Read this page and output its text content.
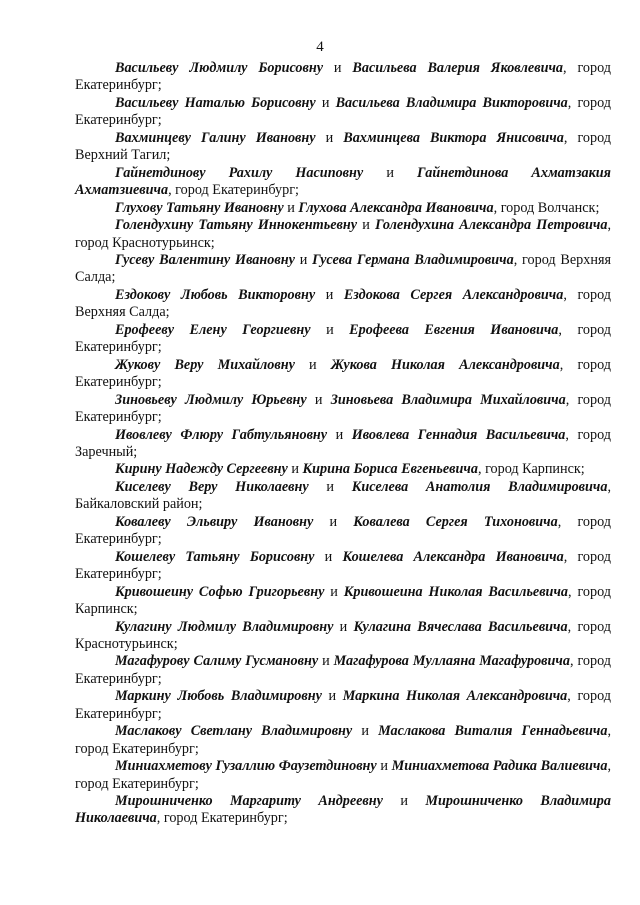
4

Васильеву Людмилу Борисовну и Васильева Валерия Яковлевича, город Екатеринбург;

Васильеву Наталью Борисовну и Васильева Владимира Викторовича, город Екатеринбург;

Вахминцеву Галину Ивановну и Вахминцева Виктора Янисовича, город Верхний Тагил;

Гайнетдинову Рахилу Насиповну и Гайнетдинова Ахматзакия Ахматзиевича, город Екатеринбург;

Глухову Татьяну Ивановну и Глухова Александра Ивановича, город Волчанск;

Голендухину Татьяну Иннокентьевну и Голендухина Александра Петровича, город Краснотурьинск;

Гусеву Валентину Ивановну и Гусева Германа Владимировича, город Верхняя Салда;

Ездокову Любовь Викторовну и Ездокова Сергея Александровича, город Верхняя Салда;

Ерофееву Елену Георгиевну и Ерофеева Евгения Ивановича, город Екатеринбург;

Жукову Веру Михайловну и Жукова Николая Александровича, город Екатеринбург;

Зиновьеву Людмилу Юрьевну и Зиновьева Владимира Михайловича, город Екатеринбург;

Ивовлеву Флюру Габтульяновну и Ивовлева Геннадия Васильевича, город Заречный;

Кирину Надежду Сергеевну и Кирина Бориса Евгеньевича, город Карпинск;

Киселеву Веру Николаевну и Киселева Анатолия Владимировича, Байкаловский район;

Ковалеву Эльвиру Ивановну и Ковалева Сергея Тихоновича, город Екатеринбург;

Кошелеву Татьяну Борисовну и Кошелева Александра Ивановича, город Екатеринбург;

Кривошеину Софью Григорьевну и Кривошеина Николая Васильевича, город Карпинск;

Кулагину Людмилу Владимировну и Кулагина Вячеслава Васильевича, город Краснотурьинск;

Магафурову Салиму Гусмановну и Магафурова Муллаяна Магафуровича, город Екатеринбург;

Маркину Любовь Владимировну и Маркина Николая Александровича, город Екатеринбург;

Маслакову Светлану Владимировну и Маслакова Виталия Геннадьевича, город Екатеринбург;

Миниахметову Гузаллию Фаузетдиновну и Миниахметова Радика Валиевича, город Екатеринбург;

Мирошниченко Маргариту Андреевну и Мирошниченко Владимира Николаевича, город Екатеринбург;
